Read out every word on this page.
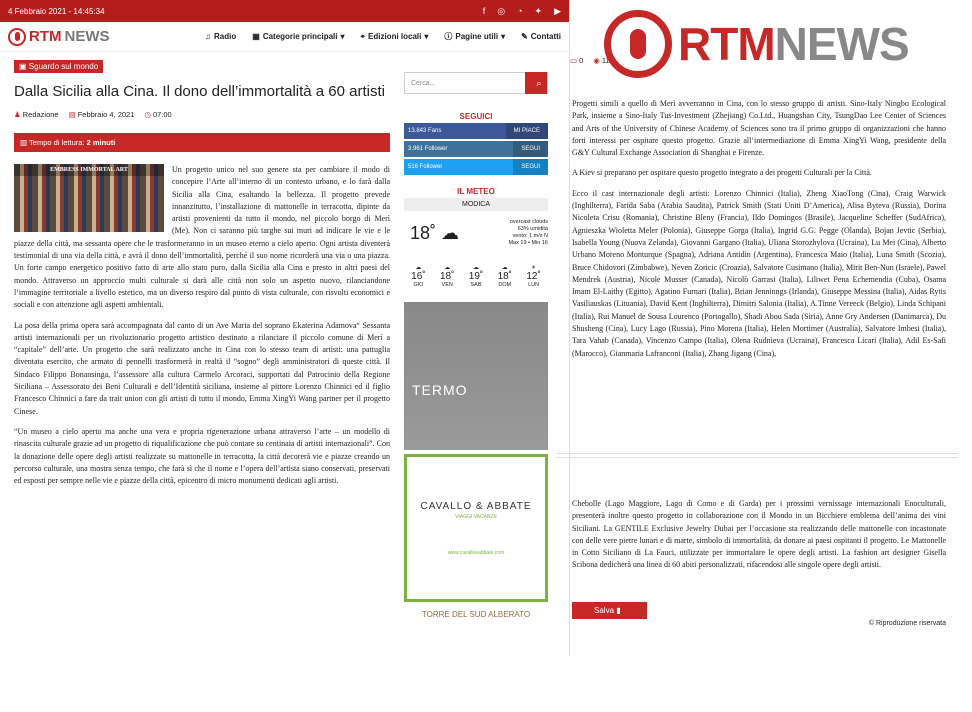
4 Febbraio 2021 - 14:45:34	f ◎ ◔ ✦ ▶
RTM NEWS	♫ Radio ▦ Categorie principali ▾ ⌖ Edizioni locali ▾ ⓘ Pagine utili ▾ ✎ Contatti
▣ Sguardo sul mondo
Dalla Sicilia alla Cina. Il dono dell’immortalità a 60 artisti
♟ Redazione ▤ Febbraio 4, 2021 ◷ 07:00
▭ 0 ◉ 119
▥ Tempo di lettura: 2 minuti
EMBRESS IMMORTAL ART	Un progetto unico nel suo genere sta per cambiare il modo di concepire l’Arte all’interno di un contesto urbano, e lo farà dalla Sicilia alla Cina, esaltando la bellezza. Il progetto prevede innanzitutto, l’installazione di mattonelle in terracotta, dipinte da artisti provenienti da tutto il mondo, nel piccolo borgo di Merì (Me). Non ci saranno più targhe sui muri ad indicare le vie e le piazze della città, ma sessanta opere che le trasformeranno in un museo eterno a cielo aperto. Ogni artista diventerà testimonial di una via della città, e avrà il dono dell’immortalità, perché il suo nome ricorderà una via o una piazza. Un forte campo energetico positivo fatto di arte allo stato puro, dalla Sicilia alla Cina e presto in altri paesi del mondo. Attraverso un approccio multi culturale si darà alle città non solo un aspetto nuovo, rilanciandone l’immagine territoriale a livello estetico, ma un diverso respiro dal punto di vista culturale, con risvolti economici e sociali e con attenzione agli aspetti ambientali.

La posa della prima opera sarà accompagnata dal canto di un Ave Maria del soprano Ekaterina Adamova“ Sessanta artisti internazionali per un rivoluzionario progetto artistico destinato a rilanciare il piccolo comune di Merì a “capitale” dell’arte. Un progetto che sarà realizzato anche in Cina con lo stesso team di artisti: una pattuglia diventata esercito, che armato di pennelli trasformerà in realtà il “sogno” degli amministratori di queste città. Il Sindaco Filippo Bonansinga, l’assessore alla cultura Carmelo Arcoraci, supportati dal Patrocinio della Regione Siciliana – Assessorato dei Beni Culturali e dell’Identità siciliana, insieme al pittore Lorenzo Chinnici ed il figlio Francesco Chinnici a fare da trait union con gli artisti di tutto il mondo, Emma XingYi Wang partner per il progetto Cinese.

“Un museo a cielo aperto ma anche una vera e propria rigenerazione urbana attraverso l’arte – un modello di rinascita culturale grazie ad un progetto di riqualificazione che può contare su centinaia di artisti internazionali”. Con la donazione delle opere degli artisti realizzate su mattonelle in terracotta, la città decorerà vie e piazze creando un percorso culturale, una mostra senza tempo, che farà sì che il nome e l’opera dell’artista siano conservati, preservati ed esposti per sempre nelle vie e piazze della città, epicentro di micro monumenti dedicati agli artisti.

Cerca...	⌕
SEGUICI
13.843 Fans	MI PIACE
3.961 Follower	SEGUI
516 Follower	SEGUI
IL METEO
MODICA
18˚ ☁
overcast clouds
63% umidità
vento: 1 m/s N
Max 19 • Min 16
☁
16˚
GIO
☁
18˚
VEN
☁
19˚
SAB
☁
18˚
DOM
☀
12˚
LUN
TERMO
CAVALLO & ABBATE
VIAGGI VACANZE
www.cavalloeabbate.com
TORRE DEL SUD ALBERATO
RTMNEWS

Progetti simili a quello di Merì avverranno in Cina, con lo stesso gruppo di artisti. Sino-Italy Ningbo Ecological Park, insieme a Sino-Italy Tus-Investment (Zhejiang) Co.Ltd., Huangshan City, TsungDao Lee Center of Sciences and Arts of the University of Chinese Academy of Sciences sono tra il primo gruppo di organizzazioni che hanno forti interessi per ospitare questo progetto. Grazie all’intermediazione di Emma XingYi Wang, presidente della G&Y Cultural Exchange Association di Shanghai e Firenze.

A Kiev si preparano per ospitare questo progetto integrato a dei progetti Culturali per la Città.

Ecco il cast internazionale degli artisti: Lorenzo Chinnici (Italia), Zheng XiaoTong (Cina), Craig Warwick (Inghilterra), Farida Saba (Arabia Saudita), Patrick Smith (Stati Uniti D’America), Alisa Byteva (Russia), Dorina Nicoleta Crisu (Romania), Christine Bleny (Francia), Ildo Domingos (Brasile), Jacqueline Scheffer (SudAfrica), Agnieszka Wioletta Meler (Polonia), Giuseppe Gorga (Italia), Ingrid G.G. Pegge (Olanda), Bojan Jevtic (Serbia), Isabella Young (Nuova Zelanda), Giovanni Gargano (Italia), Uliana Storozhylova (Ucraina), Lu Mei (Cina), Alberto Urbano Moreno Monturque (Spagna), Adriana Antidin (Argentina), Francesca Maio (Italia), Luna Smith (Scozia), Bruce Chidovori (Zimbabwe), Neven Zoricic (Croazia), Salvatore Cusimano (Italia), Mirit Ben-Nun (Israele), Pawel Mendrek (Austria), Nicole Musser (Canada), Nicolò Garrasi (Italia), Liliwet Pena Echemendia (Cuba), Osama Imam El-Laithy (Egitto), Agatino Furnari (Italia), Brian Jenninngs (Irlanda), Giuseppe Messina (Italia), Aidas Rytis Vasiliauskas (Lituania), David Kent (Inghilterra), Dimitri Salonia (Italia), A.Tinne Vereeck (Belgio), Linda Schipani (Italia), Rui Manuel de Sousa Lourenco (Portogallo), Shadi Abou Sada (Siria), Anne Gry Andersen (Danimarca), Du Shusheng (Cina), Lucy Lago (Russia), Pino Morena (Italia), Helen Mortimer (Australia), Salvatore Imbesi (Italia), Tara Vahab (Canada), Vincenzo Campo (Italia), Olena Rudnieva (Ucraina), Francesca Licari (Italia), Adil Es-Safi (Marocco), Gianmaria Lafranconi (Italia), Zhang Jigang (Cina),

Chebolle (Lago Maggiore, Lago di Como e di Garda) per i prossimi vernissage internazionali Enoculturali, presenterà inoltre questo progetto in collaborazione con il Mondo in un Bicchiere emblema dell’anima dei vini Siciliani. La GENTILE Exclusive Jewelry Dubai per l’occasione sta realizzando delle mattonelle con incastonate con delle vere pietre lunari e di marte, simbolo di immortalità, da donare ai paesi ospitanti il progetto. Le Mattonelle in Cotto Siciliano di La Fauci, utilizzate per immortalare le opere degli artisti. La fashion art designer Gisella Scibona dedicherà una linea di 60 abiti personalizzati, rifacendosi alle singole opere degli artisti.

Salva ▮
© Riproduzione riservata
